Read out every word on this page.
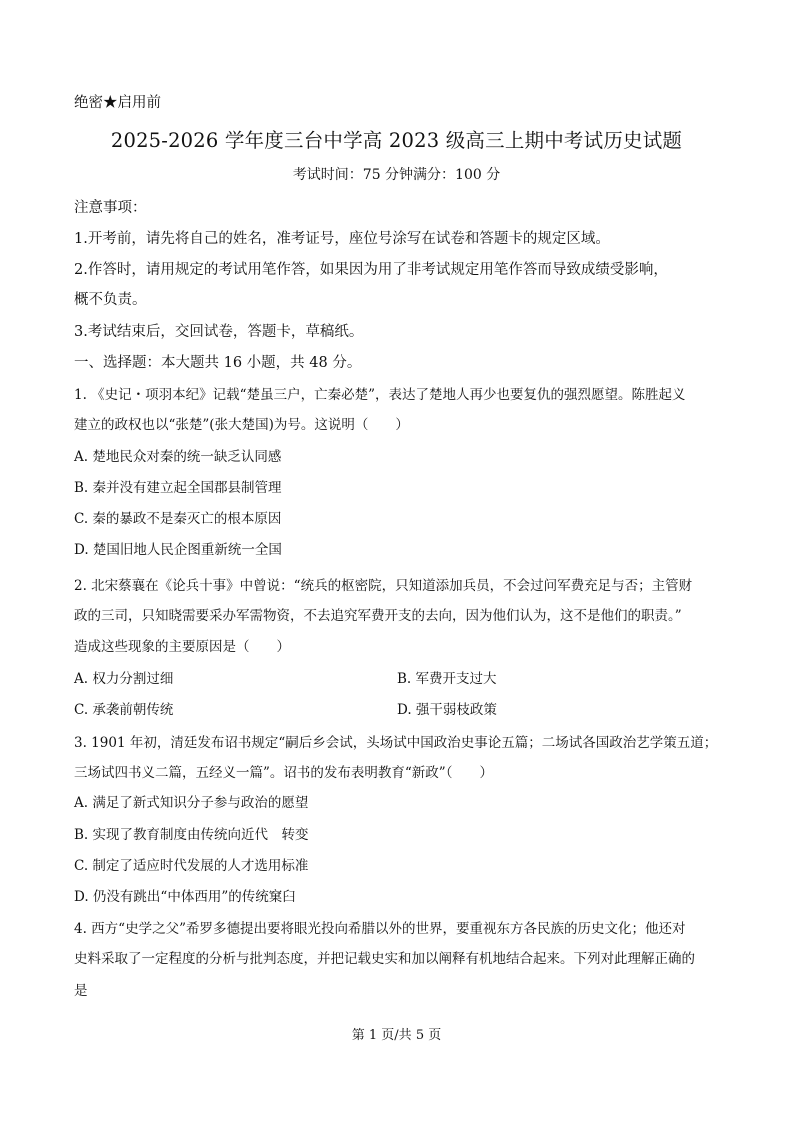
绝密★启用前
2025-2026 学年度三台中学高 2023 级高三上期中考试历史试题
考试时间：75 分钟满分：100 分
注意事项：
1.开考前，请先将自己的姓名，准考证号，座位号涂写在试卷和答题卡的规定区域。
2.作答时，请用规定的考试用笔作答，如果因为用了非考试规定用笔作答而导致成绩受影响，
概不负责。
3.考试结束后，交回试卷，答题卡，草稿纸。
一、选择题：本大题共 16 小题，共 48 分。
1. 《史记・项羽本纪》记载“楚虽三户，亡秦必楚”，表达了楚地人再少也要复仇的强烈愿望。陈胜起义
建立的政权也以“张楚”(张大楚国)为号。这说明（　　）
A. 楚地民众对秦的统一缺乏认同感
B. 秦并没有建立起全国郡县制管理
C. 秦的暴政不是秦灭亡的根本原因
D. 楚国旧地人民企图重新统一全国
2. 北宋蔡襄在《论兵十事》中曾说：“统兵的枢密院，只知道添加兵员，不会过问军费充足与否；主管财
政的三司，只知晓需要采办军需物资，不去追究军费开支的去向，因为他们认为，这不是他们的职责。”
造成这些现象的主要原因是（　　）
A. 权力分割过细	B. 军费开支过大
C. 承袭前朝传统	D. 强干弱枝政策
3. 1901 年初，清廷发布诏书规定“嗣后乡会试，头场试中国政治史事论五篇；二场试各国政治艺学策五道；
三场试四书义二篇，五经义一篇”。诏书的发布表明教育“新政”（　　）
A. 满足了新式知识分子参与政治的愿望
B. 实现了教育制度由传统向近代　转变
C. 制定了适应时代发展的人才选用标准
D. 仍没有跳出“中体西用”的传统窠臼
4. 西方“史学之父”希罗多德提出要将眼光投向希腊以外的世界，要重视东方各民族的历史文化；他还对
史料采取了一定程度的分析与批判态度，并把记载史实和加以阐释有机地结合起来。下列对此理解正确的
是
第 1 页/共 5 页
